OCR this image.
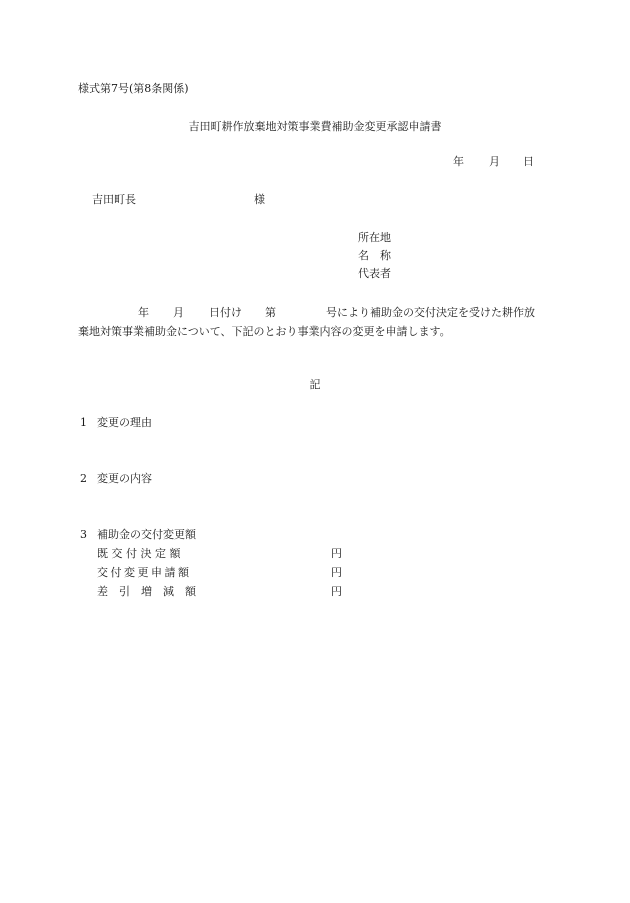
様式第7号(第8条関係)
吉田町耕作放棄地対策事業費補助金変更承認申請書
年 月 日
吉田町長	様
所在地
名　称
代表者
年 月 日付け 第	号により補助金の交付決定を受けた耕作放
棄地対策事業補助金について、下記のとおり事業内容の変更を申請します。
記
1 変更の理由
2 変更の内容
3 補助金の交付変更額
既 交 付 決 定 額	円
交付変更申請額	円
差　引　増　減　額	円
